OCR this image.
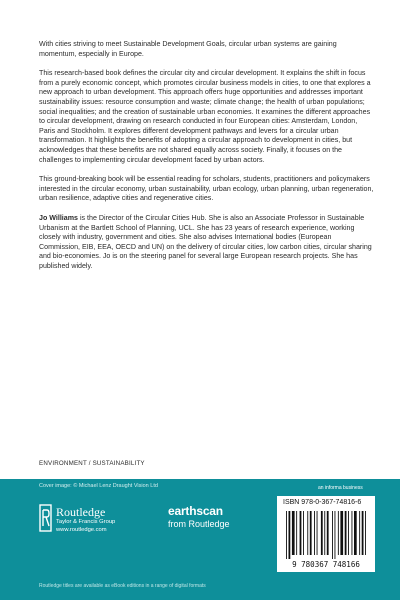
With cities striving to meet Sustainable Development Goals, circular urban systems are gaining momentum, especially in Europe.

This research-based book defines the circular city and circular development. It explains the shift in focus from a purely economic concept, which promotes circular business models in cities, to one that explores a new approach to urban development. This approach offers huge opportunities and addresses important sustainability issues: resource consumption and waste; climate change; the health of urban populations; social inequalities; and the creation of sustainable urban economies. It examines the different approaches to circular development, drawing on research conducted in four European cities: Amsterdam, London, Paris and Stockholm. It explores different development pathways and levers for a circular urban transformation. It highlights the benefits of adopting a circular approach to development in cities, but acknowledges that these benefits are not shared equally across society. Finally, it focuses on the challenges to implementing circular development faced by urban actors.

This ground-breaking book will be essential reading for scholars, students, practitioners and policymakers interested in the circular economy, urban sustainability, urban ecology, urban planning, urban regeneration, urban resilience, adaptive cities and regenerative cities.

Jo Williams is the Director of the Circular Cities Hub. She is also an Associate Professor in Sustainable Urbanism at the Bartlett School of Planning, UCL. She has 23 years of research experience, working closely with industry, government and cities. She also advises International bodies (European Commission, EIB, EEA, OECD and UN) on the delivery of circular cities, low carbon cities, circular sharing and bio-economies. Jo is on the steering panel for several large European research projects. She has published widely.

ENVIRONMENT / SUSTAINABILITY
Cover image: © Michael Lenz Draught Vision Ltd
Routledge
Taylor & Francis Group
www.routledge.com
earthscan
from Routledge
an informa business
ISBN 978-0-367-74816-6
9 780367 748166
Routledge titles are available as eBook editions in a range of digital formats
